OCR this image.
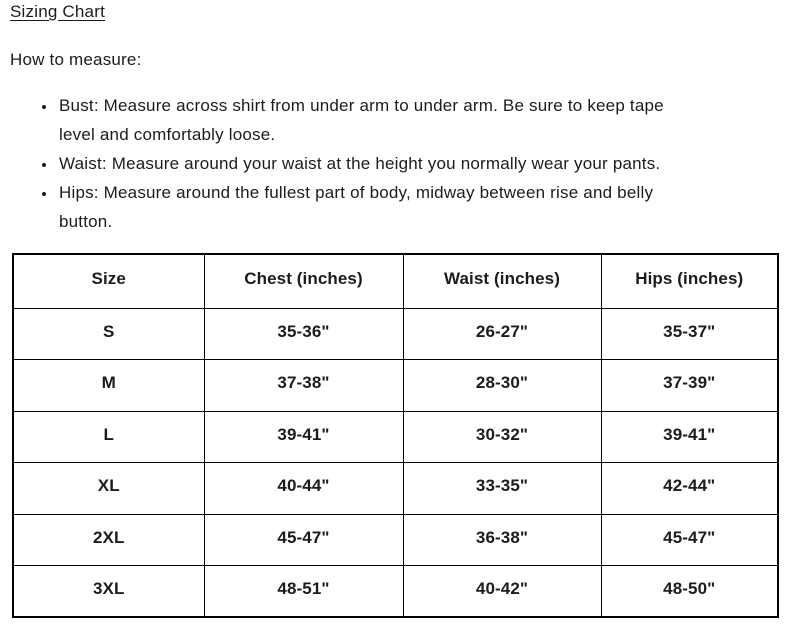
Sizing Chart

How to measure:

• Bust: Measure across shirt from under arm to under arm. Be sure to keep tape level and comfortably loose.
• Waist: Measure around your waist at the height you normally wear your pants.
• Hips: Measure around the fullest part of body, midway between rise and belly button.
Size	Chest (inches)	Waist (inches)	Hips (inches)
S	35-36"	26-27"	35-37"
M	37-38"	28-30"	37-39"
L	39-41"	30-32"	39-41"
XL	40-44"	33-35"	42-44"
2XL	45-47"	36-38"	45-47"
3XL	48-51"	40-42"	48-50"
